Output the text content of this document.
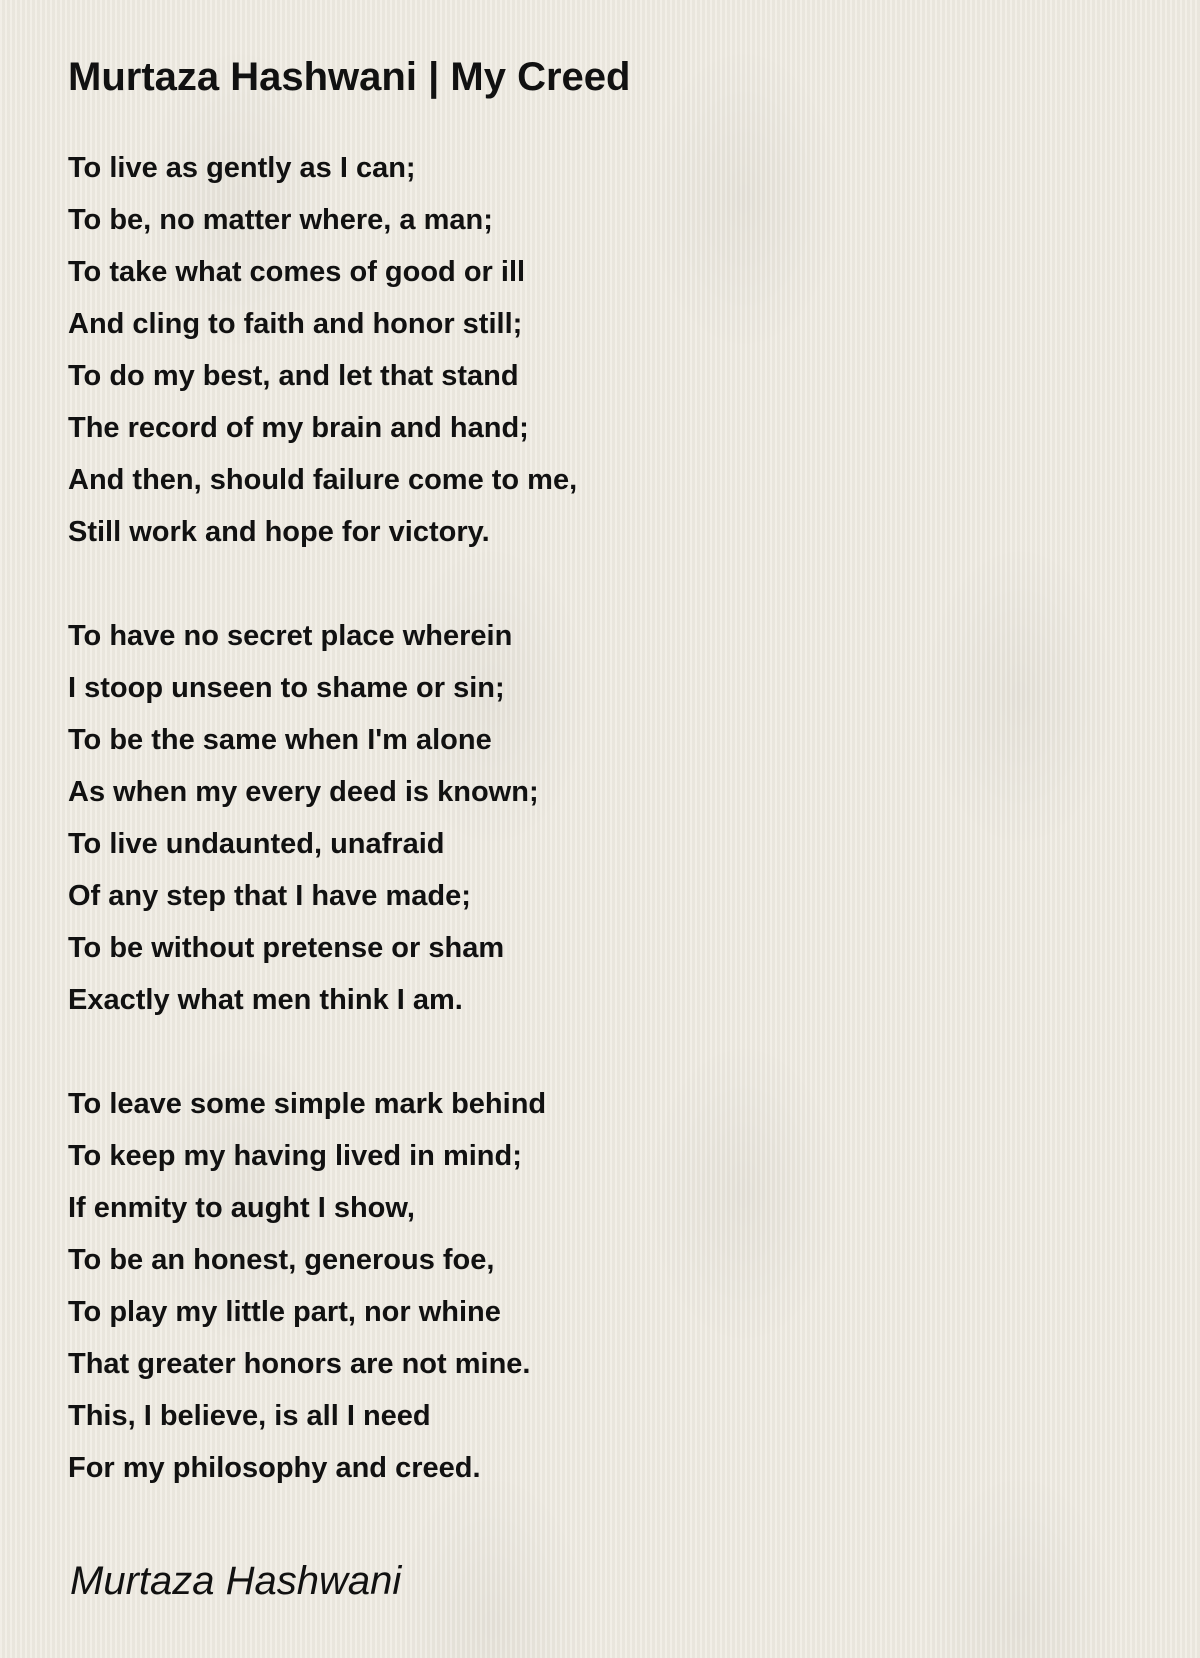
Murtaza Hashwani | My Creed
To live as gently as I can;
To be, no matter where, a man;
To take what comes of good or ill
And cling to faith and honor still;
To do my best, and let that stand
The record of my brain and hand;
And then, should failure come to me,
Still work and hope for victory.
To have no secret place wherein
I stoop unseen to shame or sin;
To be the same when I'm alone
As when my every deed is known;
To live undaunted, unafraid
Of any step that I have made;
To be without pretense or sham
Exactly what men think I am.
To leave some simple mark behind
To keep my having lived in mind;
If enmity to aught I show,
To be an honest, generous foe,
To play my little part, nor whine
That greater honors are not mine.
This, I believe, is all I need
For my philosophy and creed.
Murtaza Hashwani
